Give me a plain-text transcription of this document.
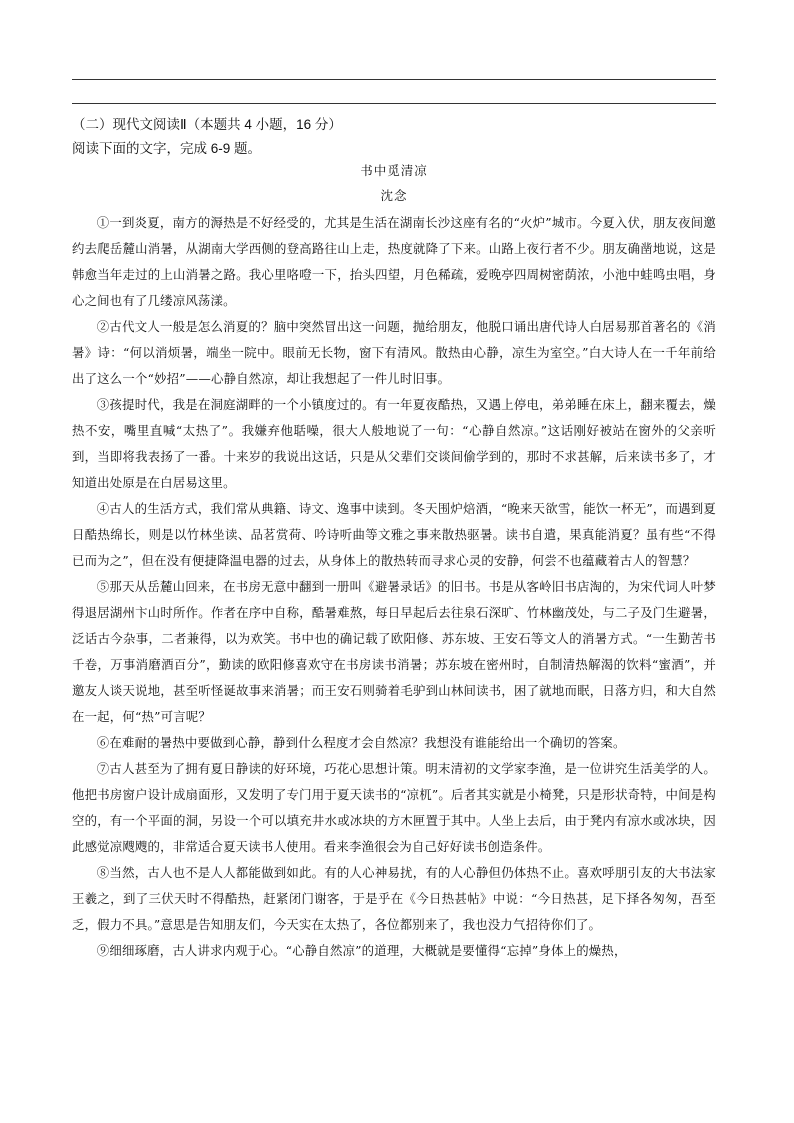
（二）现代文阅读Ⅱ（本题共 4 小题，16 分）
阅读下面的文字，完成 6-9 题。
书中觅清凉
沈念

①一到炎夏，南方的溽热是不好经受的，尤其是生活在湖南长沙这座有名的“火炉”城市。今夏入伏，朋友夜间邀约去爬岳麓山消暑，从湖南大学西侧的登高路往山上走，热度就降了下来。山路上夜行者不少。朋友确凿地说，这是韩愈当年走过的上山消暑之路。我心里咯噔一下，抬头四望，月色稀疏，爱晚亭四周树密荫浓，小池中蛙鸣虫唱，身心之间也有了几缕凉风荡漾。

②古代文人一般是怎么消夏的？脑中突然冒出这一问题，抛给朋友，他脱口诵出唐代诗人白居易那首著名的《消暑》诗：“何以消烦暑，端坐一院中。眼前无长物，窗下有清风。散热由心静，凉生为室空。”白大诗人在一千年前给出了这么一个“妙招”——心静自然凉，却让我想起了一件儿时旧事。

③孩提时代，我是在洞庭湖畔的一个小镇度过的。有一年夏夜酷热，又遇上停电，弟弟睡在床上，翻来覆去，燥热不安，嘴里直喊“太热了”。我嫌弃他聒噪，很大人般地说了一句：“心静自然凉。”这话刚好被站在窗外的父亲听到，当即将我表扬了一番。十来岁的我说出这话，只是从父辈们交谈间偷学到的，那时不求甚解，后来读书多了，才知道出处原是在白居易这里。

④古人的生活方式，我们常从典籍、诗文、逸事中读到。冬天围炉焙酒，“晚来天欲雪，能饮一杯无”，而遇到夏日酷热绵长，则是以竹林坐读、品茗赏荷、吟诗听曲等文雅之事来散热驱暑。读书自遣，果真能消夏？虽有些“不得已而为之”，但在没有便捷降温电器的过去，从身体上的散热转而寻求心灵的安静，何尝不也蕴藏着古人的智慧？

⑤那天从岳麓山回来，在书房无意中翻到一册叫《避暑录话》的旧书。书是从客岭旧书店淘的，为宋代词人叶梦得退居湖州卞山时所作。作者在序中自称，酷暑难熬，每日早起后去往泉石深旷、竹林幽茂处，与二子及门生避暑，泛话古今杂事，二者兼得，以为欢笑。书中也的确记载了欧阳修、苏东坡、王安石等文人的消暑方式。“一生勤苦书千卷，万事消磨酒百分”，勤读的欧阳修喜欢守在书房读书消暑；苏东坡在密州时，自制清热解渴的饮料“蜜酒”，并邀友人谈天说地，甚至听怪诞故事来消暑；而王安石则骑着毛驴到山林间读书，困了就地而眠，日落方归，和大自然在一起，何“热”可言呢？

⑥在难耐的暑热中要做到心静，静到什么程度才会自然凉？我想没有谁能给出一个确切的答案。

⑦古人甚至为了拥有夏日静读的好环境，巧花心思想计策。明末清初的文学家李渔，是一位讲究生活美学的人。他把书房窗户设计成扇面形，又发明了专门用于夏天读书的“凉杌”。后者其实就是小椅凳，只是形状奇特，中间是构空的，有一个平面的洞，另设一个可以填充井水或冰块的方木匣置于其中。人坐上去后，由于凳内有凉水或冰块，因此感觉凉飕飕的，非常适合夏天读书人使用。看来李渔很会为自己好好读书创造条件。

⑧当然，古人也不是人人都能做到如此。有的人心神易扰，有的人心静但仍体热不止。喜欢呼朋引友的大书法家王羲之，到了三伏天时不得酷热，赶紧闭门谢客，于是乎在《今日热甚帖》中说：“今日热甚，足下择各匆匆，吾至乏，假力不具。”意思是告知朋友们，今天实在太热了，各位都别来了，我也没力气招待你们了。

⑨细细琢磨，古人讲求内观于心。“心静自然凉”的道理，大概就是要懂得“忘掉”身体上的燥热，
